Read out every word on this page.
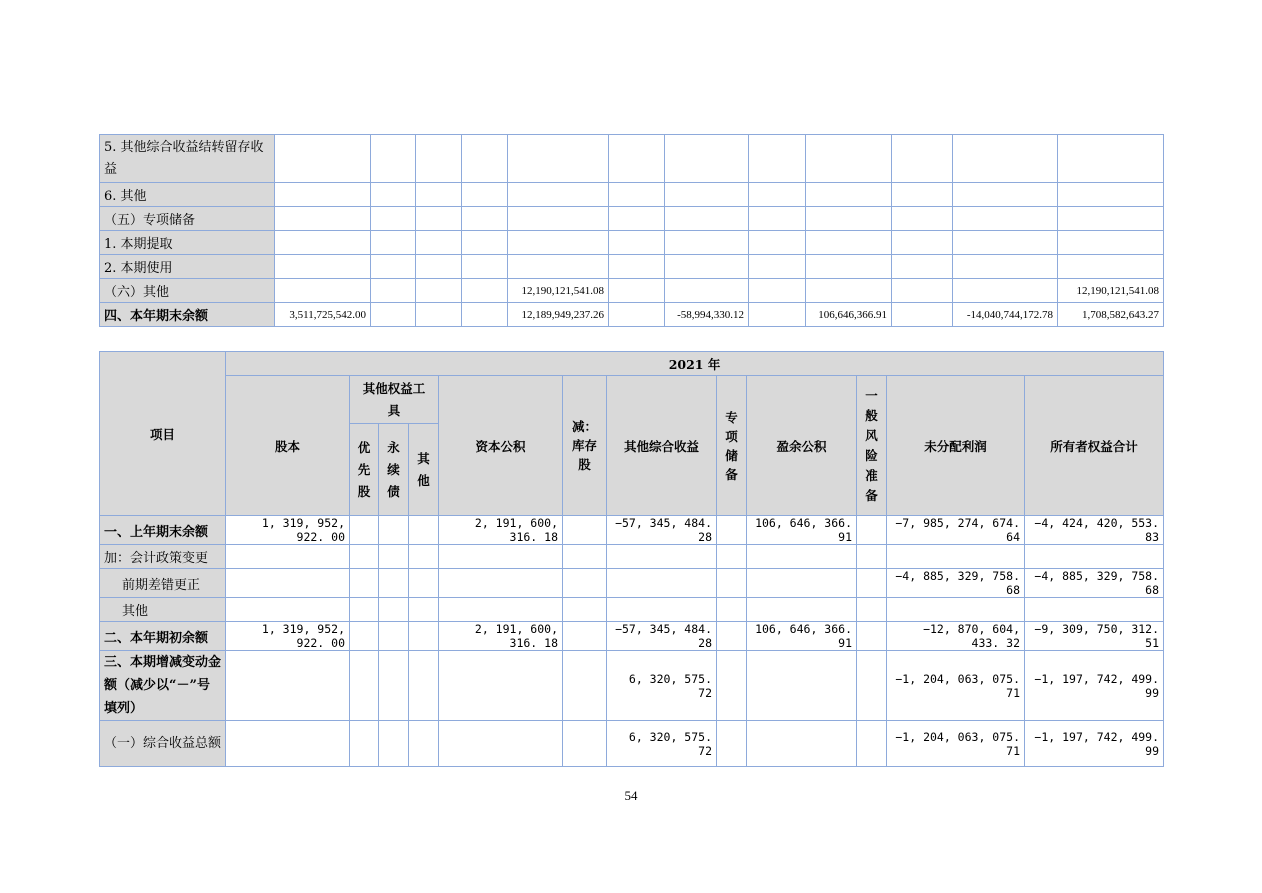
5. 其他综合收益结转留存收益												
6. 其他												
（五）专项储备												
1. 本期提取												
2. 本期使用												
（六）其他					12,190,121,541.08							12,190,121,541.08
四、本年期末余额	3,511,725,542.00				12,189,949,237.26		-58,994,330.12		106,646,366.91		-14,040,744,172.78	1,708,582,643.27
项目	2021 年											
	股本	其他权益工具			资本公积	减：库存股	其他综合收益	专项储备	盈余公积	一般风险准备	未分配利润	所有者权益合计
		优先股	永续债	其他								
一、上年期末余额	1, 319, 952, 922. 00				2, 191, 600, 316. 18		−57, 345, 484. 28		106, 646, 366. 91		−7, 985, 274, 674. 64	−4, 424, 420, 553. 83
加：会计政策变更												
前期差错更正											−4, 885, 329, 758. 68	−4, 885, 329, 758. 68
其他												
二、本年期初余额	1, 319, 952, 922. 00				2, 191, 600, 316. 18		−57, 345, 484. 28		106, 646, 366. 91		−12, 870, 604, 433. 32	−9, 309, 750, 312. 51
三、本期增减变动金额（减少以“－”号填列）							6, 320, 575. 72				−1, 204, 063, 075. 71	−1, 197, 742, 499. 99
（一）综合收益总额							6, 320, 575. 72				−1, 204, 063, 075. 71	−1, 197, 742, 499. 99
54
